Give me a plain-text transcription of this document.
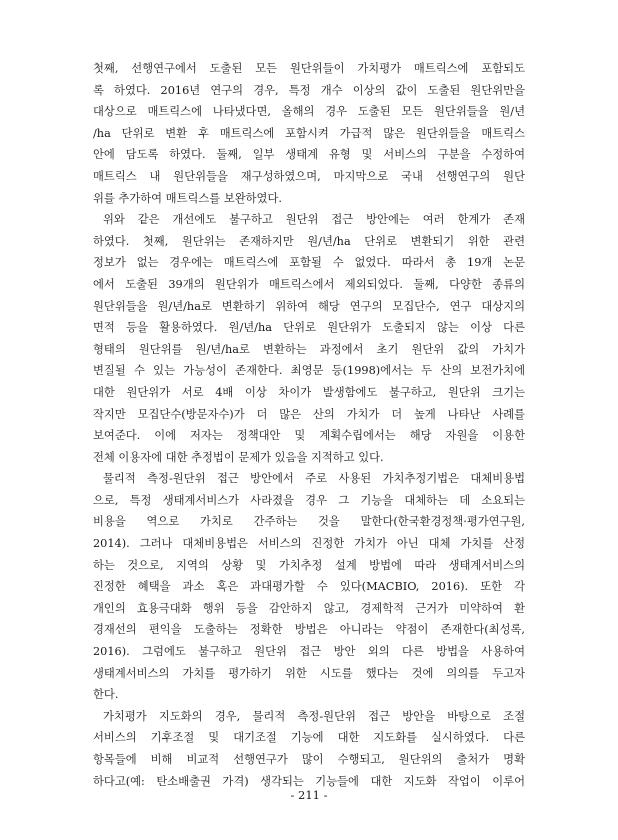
첫째, 선행연구에서 도출된 모든 원단위들이 가치평가 매트릭스에 포함되도
록 하였다. 2016년 연구의 경우, 특정 개수 이상의 값이 도출된 원단위만을
대상으로 매트릭스에 나타냈다면, 올해의 경우 도출된 모든 원단위들을 원/년
/ha 단위로 변환 후 매트릭스에 포함시켜 가급적 많은 원단위들을 매트릭스
안에 담도록 하였다. 둘째, 일부 생태계 유형 및 서비스의 구분을 수정하여
매트릭스 내 원단위들을 재구성하였으며, 마지막으로 국내 선행연구의 원단
위를 추가하여 매트릭스를 보완하였다.
위와 같은 개선에도 불구하고 원단위 접근 방안에는 여러 한계가 존재
하였다. 첫째, 원단위는 존재하지만 원/년/ha 단위로 변환되기 위한 관련
정보가 없는 경우에는 매트릭스에 포함될 수 없었다. 따라서 총 19개 논문
에서 도출된 39개의 원단위가 매트릭스에서 제외되었다. 둘째, 다양한 종류의
원단위들을 원/년/ha로 변환하기 위하여 해당 연구의 모집단수, 연구 대상지의
면적 등을 활용하였다. 원/년/ha 단위로 원단위가 도출되지 않는 이상 다른
형태의 원단위를 원/년/ha로 변환하는 과정에서 초기 원단위 값의 가치가
변질될 수 있는 가능성이 존재한다. 최영문 등(1998)에서는 두 산의 보전가치에
대한 원단위가 서로 4배 이상 차이가 발생함에도 불구하고, 원단위 크기는
작지만 모집단수(방문자수)가 더 많은 산의 가치가 더 높게 나타난 사례를
보여준다. 이에 저자는 정책대안 및 계획수립에서는 해당 자원을 이용한
전체 이용자에 대한 추정법이 문제가 있음을 지적하고 있다.
물리적 측정-원단위 접근 방안에서 주로 사용된 가치추정기법은 대체비용법
으로, 특정 생태계서비스가 사라졌을 경우 그 기능을 대체하는 데 소요되는
비용을 역으로 가치로 간주하는 것을 말한다(한국환경정책·평가연구원,
2014). 그러나 대체비용법은 서비스의 진정한 가치가 아닌 대체 가치를 산정
하는 것으로, 지역의 상황 및 가치추정 설계 방법에 따라 생태계서비스의
진정한 혜택을 과소 혹은 과대평가할 수 있다(MACBIO, 2016). 또한 각
개인의 효용극대화 행위 등을 감안하지 않고, 경제학적 근거가 미약하여 환
경재선의 편익을 도출하는 정확한 방법은 아니라는 약점이 존재한다(최성록,
2016). 그럼에도 불구하고 원단위 접근 방안 외의 다른 방법을 사용하여
생태계서비스의 가치를 평가하기 위한 시도를 했다는 것에 의의를 두고자
한다.
가치평가 지도화의 경우, 물리적 측정-원단위 접근 방안을 바탕으로 조절
서비스의 기후조절 및 대기조절 기능에 대한 지도화를 실시하였다. 다른
항목들에 비해 비교적 선행연구가 많이 수행되고, 원단위의 출처가 명확
하다고(예: 탄소배출권 가격) 생각되는 기능들에 대한 지도화 작업이 이루어
- 211 -
